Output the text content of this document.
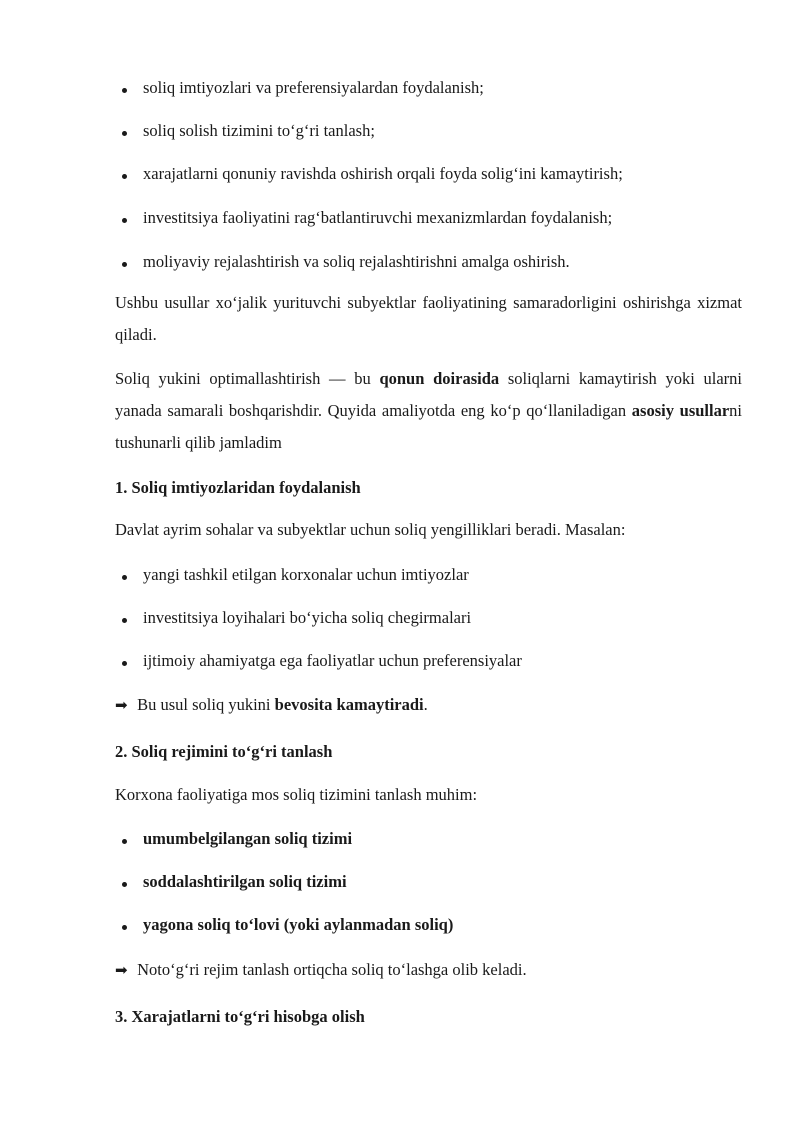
soliq imtiyozlari va preferensiyalardan foydalanish;

soliq solish tizimini to‘g‘ri tanlash;

xarajatlarni qonuniy ravishda oshirish orqali foyda solig‘ini kamaytirish;

investitsiya faoliyatini rag‘batlantiruvchi mexanizmlardan foydalanish;

moliyaviy rejalashtirish va soliq rejalashtirishni amalga oshirish.

Ushbu usullar xo‘jalik yurituvchi subyektlar faoliyatining samaradorligini oshirishga xizmat qiladi.

Soliq yukini optimallashtirish — bu qonun doirasida soliqlarni kamaytirish yoki ularni yanada samarali boshqarishdir. Quyida amaliyotda eng ko‘p qo‘llaniladigan asosiy usullarni tushunarli qilib jamladim

1. Soliq imtiyozlaridan foydalanish

Davlat ayrim sohalar va subyektlar uchun soliq yengilliklari beradi. Masalan:

yangi tashkil etilgan korxonalar uchun imtiyozlar

investitsiya loyihalari bo‘yicha soliq chegirmalari

ijtimoiy ahamiyatga ega faoliyatlar uchun preferensiyalar

➡ Bu usul soliq yukini bevosita kamaytiradi.

2. Soliq rejimini to‘g‘ri tanlash

Korxona faoliyatiga mos soliq tizimini tanlash muhim:

umumbelgilangan soliq tizimi

soddalashtirilgan soliq tizimi

yagona soliq to‘lovi (yoki aylanmadan soliq)

➡ Noto‘g‘ri rejim tanlash ortiqcha soliq to‘lashga olib keladi.

3. Xarajatlarni to‘g‘ri hisobga olish
